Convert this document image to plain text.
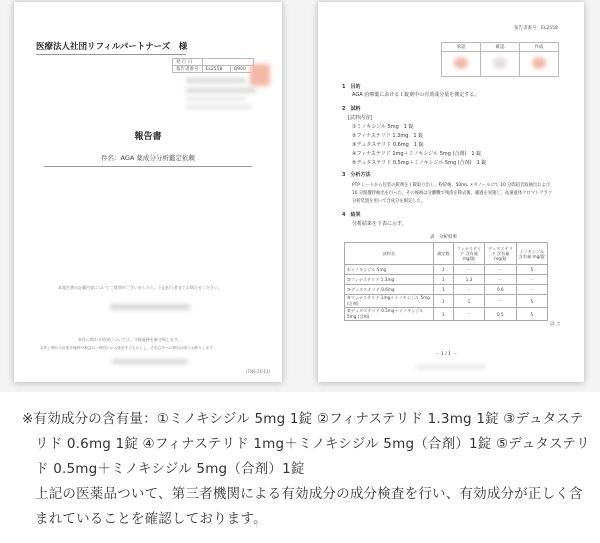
医療法人社団リフィルパートナーズ　様
発 行 日		
報告書番号	EL2558	Q900
報告書
件名：AGA 薬成分分析鑑定依頼
本報告書の記載内容についてご質問がございましたら、下記担当者までお問合せください。
本件に関わる結果については、守秘義務を厳守致します。
本件に関わる結果を権利や利益の一時的にのみ使用するものとし、それ以外への利用は固くお断りします。
(TN6-26-11)
報告書番号：EL2558
承認	確認	作成

1　目的
AGA 治療薬における１錠剤中の有効成分量を測定する。
2　試料
[試料内容]
①ミノキシジル 5mg　1 錠
②フィナステリド 1.3mg　1 錠
③デュタステリド 0.6mg　1 錠
④フィナステリド 1mg＋ミノキシジル 5mg (合剤)　1 錠
⑤デュタステリド 0.5mg＋ミノキシジル 5mg (合剤)　1 錠
3　分析方法
PTP シートから包装の錠剤を１錠取り出し、粉砕後、50mL メタノールにて 10 分間超音波抽出および
10 分間攪拌抽出を行った。その後液は分離機で残渣を除去後、濾過を実施し、高速液体クロマトグラフ
分析装置を用いて含成分を測定した。
4　結果
分析結果を下表に示す。
表　分析結果
試料名	測定数	フィナステリド 含有量 mg/錠	デュタステリド 含有量 mg/錠	ミノキシジル 含有量 mg/錠
①ミノキシジル 5mg	1	－	－	5
②フィナステリド 1.3mg	1	1.3	－	－
③デュタステリド 0.6mg	1	－	0.6	－
④フィナステリド 1mg＋ミノキシジル 5mg (合剤)	1	1	－	5
⑤デュタステリド 0.5mg＋ミノキシジル 5mg (合剤)	1	－	0.5	5
以 上
－ 1 / 1 －

※有効成分の含有量：①ミノキシジル 5mg 1錠 ②フィナステリド 1.3mg 1錠 ③デュタステリド 0.6mg 1錠 ④フィナステリド 1mg＋ミノキシジル 5mg（合剤）1錠 ⑤デュタステリド 0.5mg＋ミノキシジル 5mg（合剤）1錠

上記の医薬品ついて、第三者機関による有効成分の成分検査を行い、有効成分が正しく含まれていることを確認しております。
